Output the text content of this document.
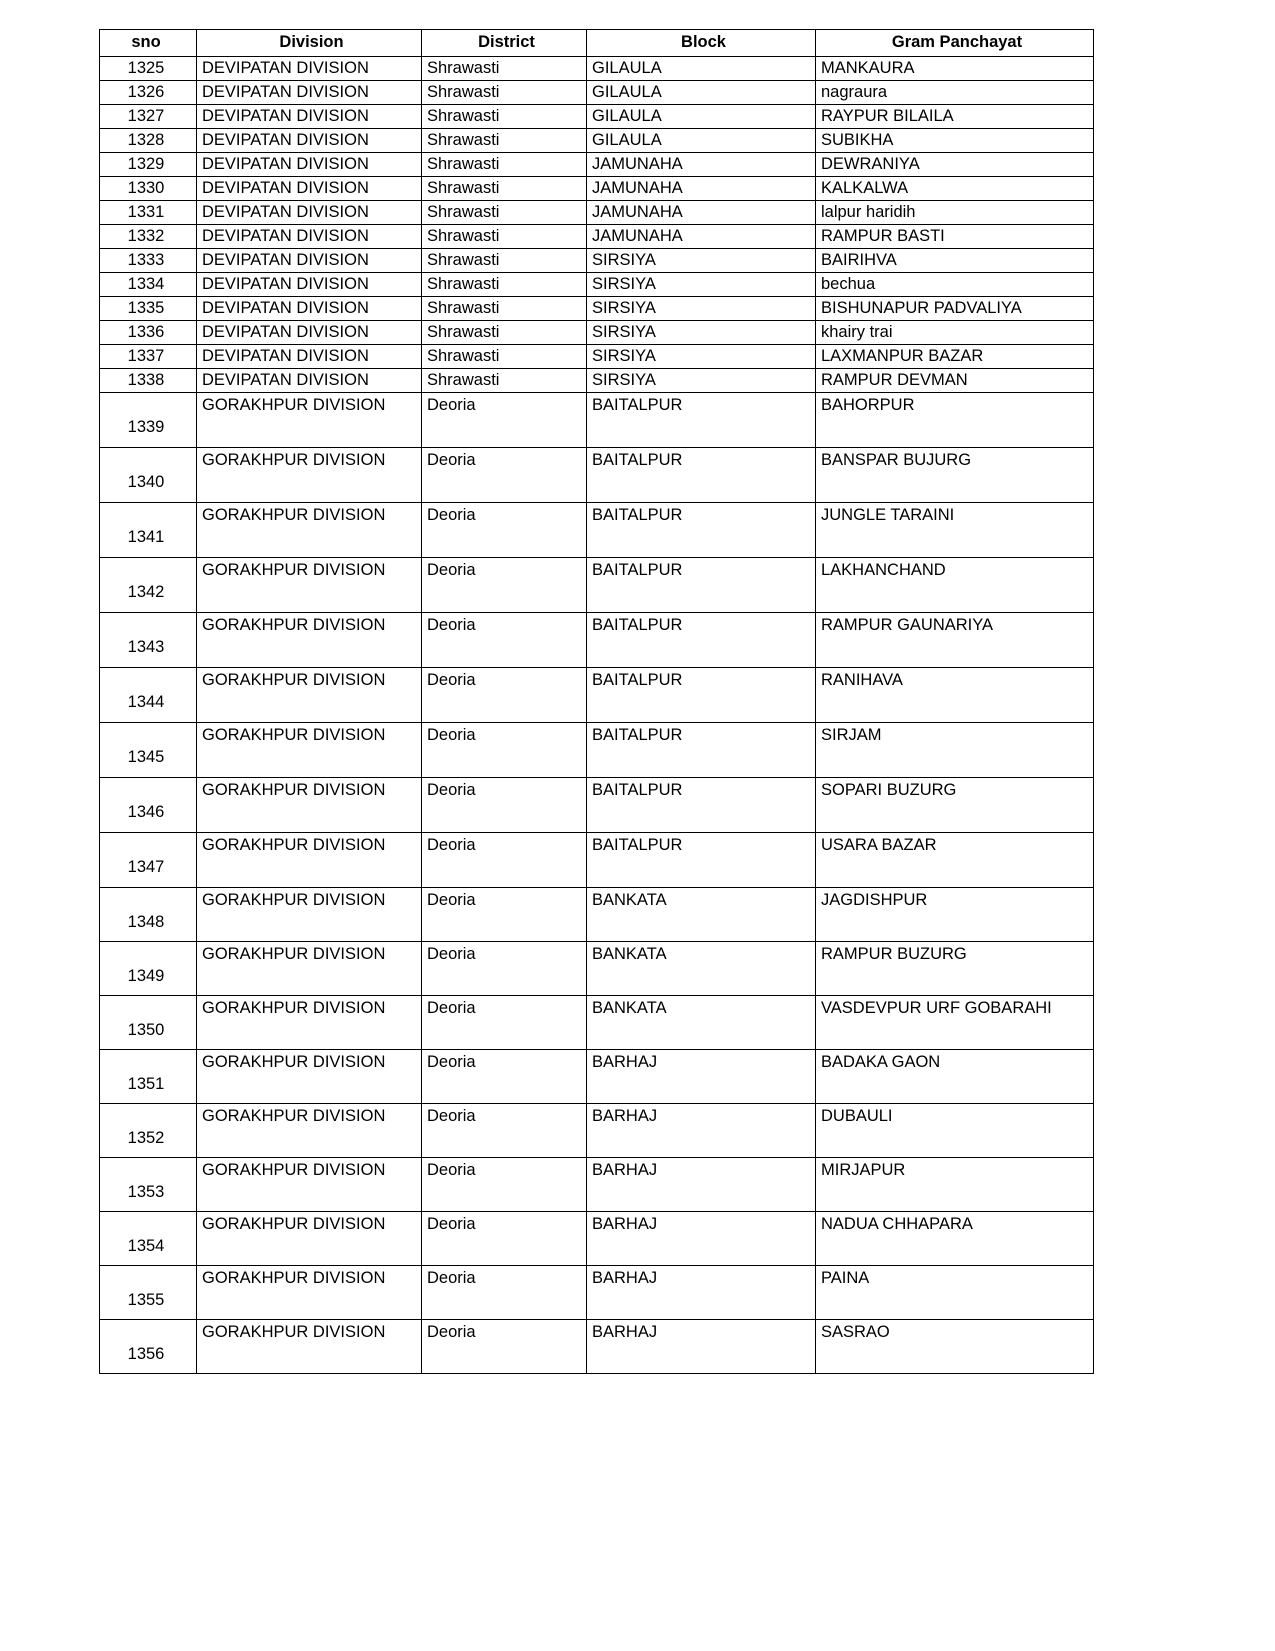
sno	Division	District	Block	Gram Panchayat

1325	DEVIPATAN DIVISION	Shrawasti	GILAULA	MANKAURA

1326	DEVIPATAN DIVISION	Shrawasti	GILAULA	nagraura

1327	DEVIPATAN DIVISION	Shrawasti	GILAULA	RAYPUR BILAILA

1328	DEVIPATAN DIVISION	Shrawasti	GILAULA	SUBIKHA

1329	DEVIPATAN DIVISION	Shrawasti	JAMUNAHA	DEWRANIYA

1330	DEVIPATAN DIVISION	Shrawasti	JAMUNAHA	KALKALWA

1331	DEVIPATAN DIVISION	Shrawasti	JAMUNAHA	lalpur haridih

1332	DEVIPATAN DIVISION	Shrawasti	JAMUNAHA	RAMPUR BASTI

1333	DEVIPATAN DIVISION	Shrawasti	SIRSIYA	BAIRIHVA

1334	DEVIPATAN DIVISION	Shrawasti	SIRSIYA	bechua

1335	DEVIPATAN DIVISION	Shrawasti	SIRSIYA	BISHUNAPUR PADVALIYA

1336	DEVIPATAN DIVISION	Shrawasti	SIRSIYA	khairy trai

1337	DEVIPATAN DIVISION	Shrawasti	SIRSIYA	LAXMANPUR BAZAR

1338	DEVIPATAN DIVISION	Shrawasti	SIRSIYA	RAMPUR DEVMAN

1339	GORAKHPUR DIVISION	Deoria	BAITALPUR	BAHORPUR

1340	GORAKHPUR DIVISION	Deoria	BAITALPUR	BANSPAR BUJURG

1341	GORAKHPUR DIVISION	Deoria	BAITALPUR	JUNGLE TARAINI

1342	GORAKHPUR DIVISION	Deoria	BAITALPUR	LAKHANCHAND

1343	GORAKHPUR DIVISION	Deoria	BAITALPUR	RAMPUR GAUNARIYA

1344	GORAKHPUR DIVISION	Deoria	BAITALPUR	RANIHAVA

1345	GORAKHPUR DIVISION	Deoria	BAITALPUR	SIRJAM

1346	GORAKHPUR DIVISION	Deoria	BAITALPUR	SOPARI BUZURG

1347	GORAKHPUR DIVISION	Deoria	BAITALPUR	USARA BAZAR

1348	GORAKHPUR DIVISION	Deoria	BANKATA	JAGDISHPUR

1349	GORAKHPUR DIVISION	Deoria	BANKATA	RAMPUR BUZURG

1350	GORAKHPUR DIVISION	Deoria	BANKATA	VASDEVPUR URF GOBARAHI

1351	GORAKHPUR DIVISION	Deoria	BARHAJ	BADAKA GAON

1352	GORAKHPUR DIVISION	Deoria	BARHAJ	DUBAULI

1353	GORAKHPUR DIVISION	Deoria	BARHAJ	MIRJAPUR

1354	GORAKHPUR DIVISION	Deoria	BARHAJ	NADUA CHHAPARA

1355	GORAKHPUR DIVISION	Deoria	BARHAJ	PAINA

1356	GORAKHPUR DIVISION	Deoria	BARHAJ	SASRAO
